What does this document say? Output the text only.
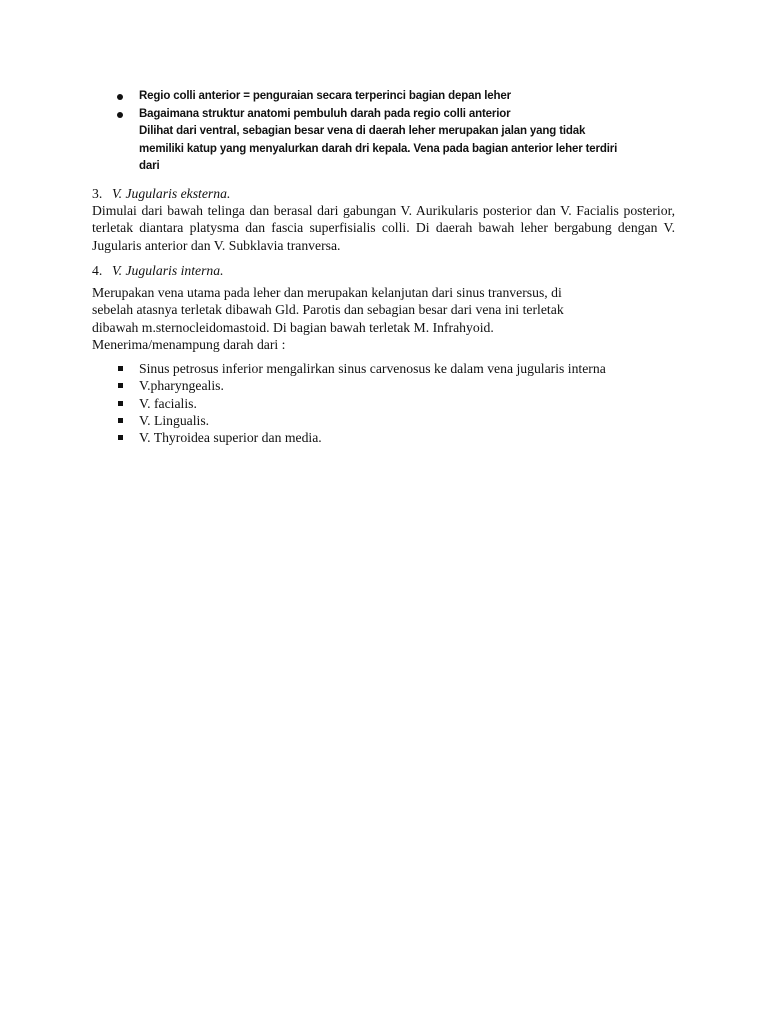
Regio colli anterior = penguraian secara terperinci bagian depan leher
Bagaimana struktur anatomi pembuluh darah pada regio colli anterior
Dilihat dari ventral, sebagian besar vena di daerah leher merupakan jalan yang tidak
memiliki katup yang menyalurkan darah dri kepala. Vena pada bagian anterior leher terdiri
dari
3. V. Jugularis eksterna.

Dimulai dari bawah telinga dan berasal dari gabungan V. Aurikularis posterior dan V. Facialis posterior, terletak diantara platysma dan fascia superfisialis colli. Di daerah bawah leher bergabung dengan V. Jugularis anterior dan V. Subklavia tranversa.

4. V. Jugularis interna.
Merupakan vena utama pada leher dan merupakan kelanjutan dari sinus tranversus, di
sebelah atasnya terletak dibawah Gld. Parotis dan sebagian besar dari vena ini terletak
dibawah m.sternocleidomastoid. Di bagian bawah terletak M. Infrahyoid.
Menerima/menampung darah dari :
Sinus petrosus inferior mengalirkan sinus carvenosus ke dalam vena jugularis interna
V.pharyngealis.
V. facialis.
V. Lingualis.
V. Thyroidea superior dan media.
